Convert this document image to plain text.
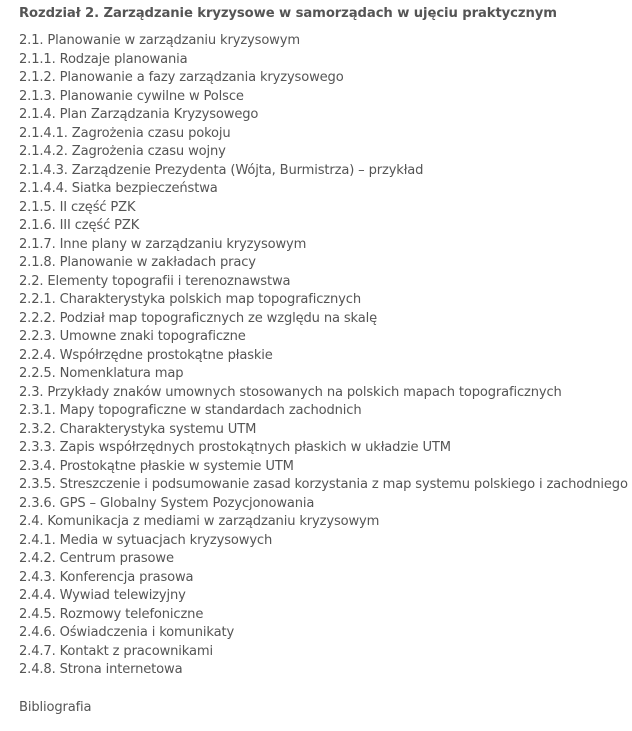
Rozdział 2. Zarządzanie kryzysowe w samorządach w ujęciu praktycznym
2.1. Planowanie w zarządzaniu kryzysowym
2.1.1. Rodzaje planowania
2.1.2. Planowanie a fazy zarządzania kryzysowego
2.1.3. Planowanie cywilne w Polsce
2.1.4. Plan Zarządzania Kryzysowego
2.1.4.1. Zagrożenia czasu pokoju
2.1.4.2. Zagrożenia czasu wojny
2.1.4.3. Zarządzenie Prezydenta (Wójta, Burmistrza) – przykład
2.1.4.4. Siatka bezpieczeństwa
2.1.5. II część PZK
2.1.6. III część PZK
2.1.7. Inne plany w zarządzaniu kryzysowym
2.1.8. Planowanie w zakładach pracy
2.2. Elementy topografii i terenoznawstwa
2.2.1. Charakterystyka polskich map topograficznych
2.2.2. Podział map topograficznych ze względu na skalę
2.2.3. Umowne znaki topograficzne
2.2.4. Współrzędne prostokątne płaskie
2.2.5. Nomenklatura map
2.3. Przykłady znaków umownych stosowanych na polskich mapach topograficznych
2.3.1. Mapy topograficzne w standardach zachodnich
2.3.2. Charakterystyka systemu UTM
2.3.3. Zapis współrzędnych prostokątnych płaskich w układzie UTM
2.3.4. Prostokątne płaskie w systemie UTM
2.3.5. Streszczenie i podsumowanie zasad korzystania z map systemu polskiego i zachodniego
2.3.6. GPS – Globalny System Pozycjonowania
2.4. Komunikacja z mediami w zarządzaniu kryzysowym
2.4.1. Media w sytuacjach kryzysowych
2.4.2. Centrum prasowe
2.4.3. Konferencja prasowa
2.4.4. Wywiad telewizyjny
2.4.5. Rozmowy telefoniczne
2.4.6. Oświadczenia i komunikaty
2.4.7. Kontakt z pracownikami
2.4.8. Strona internetowa
Bibliografia
